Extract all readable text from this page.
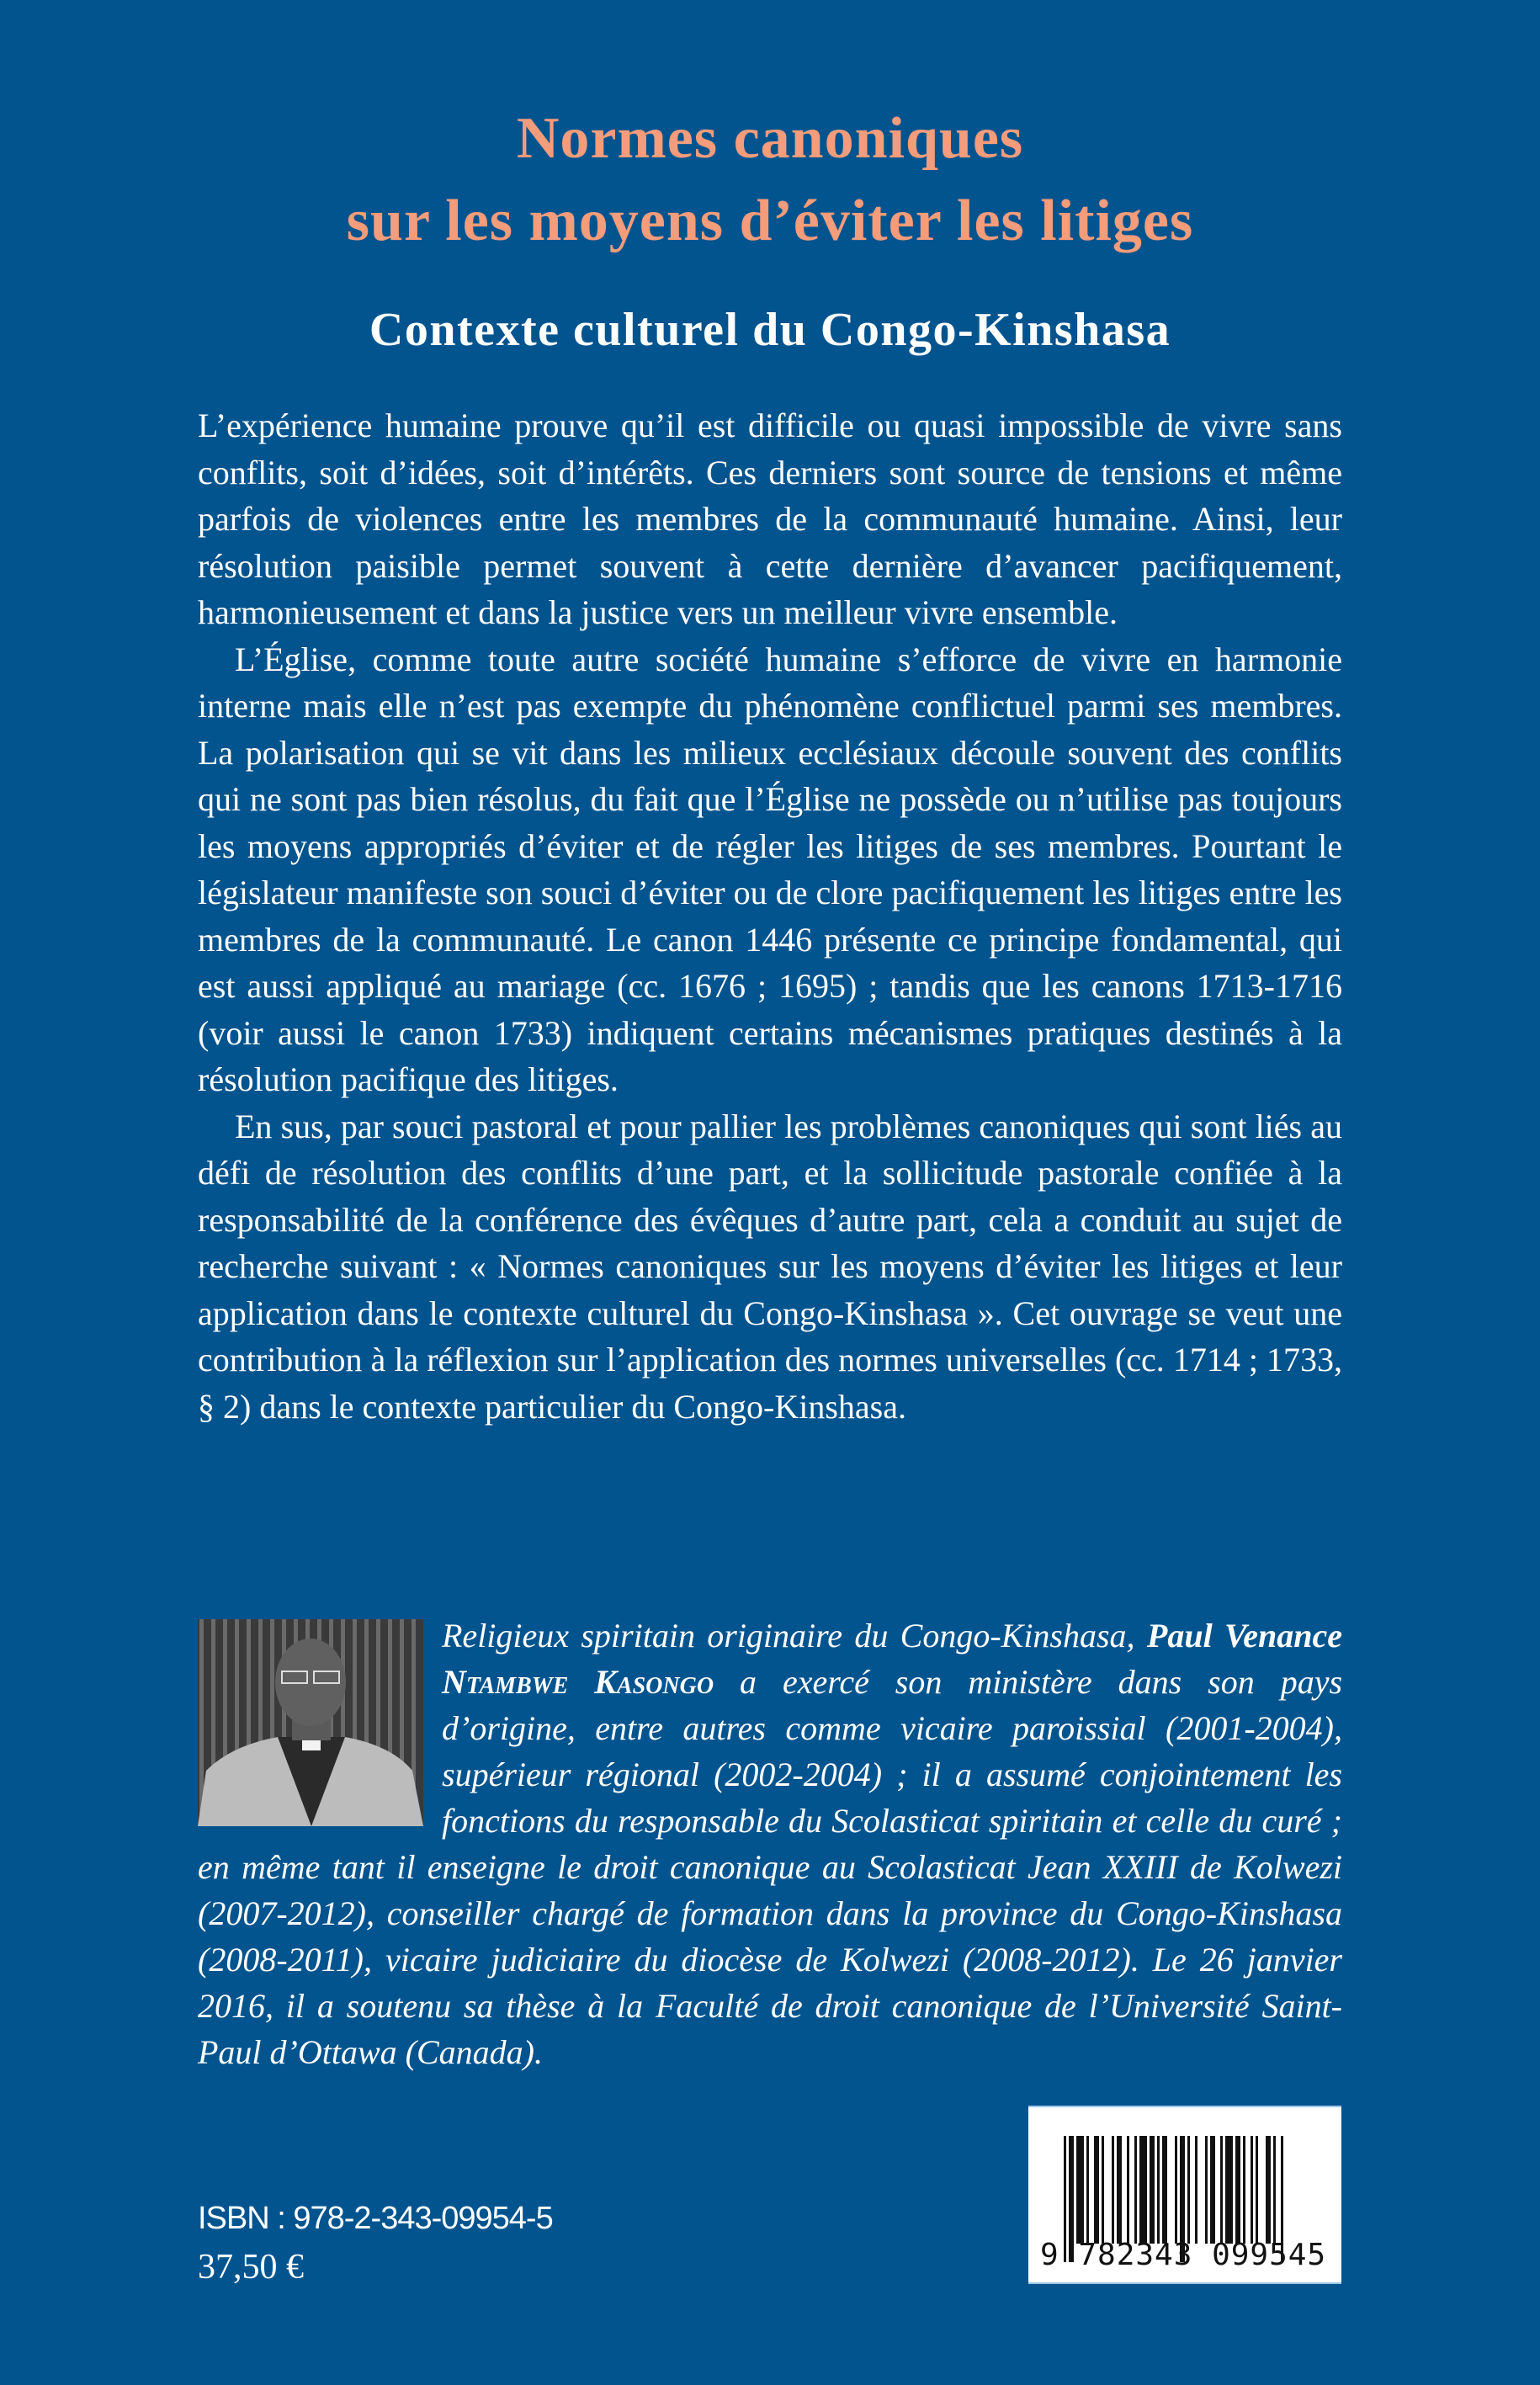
Normes canoniques
sur les moyens d’éviter les litiges
Contexte culturel du Congo-Kinshasa

L’expérience humaine prouve qu’il est difficile ou quasi impossible de vivre sans conflits, soit d’idées, soit d’intérêts. Ces derniers sont source de tensions et même parfois de violences entre les membres de la communauté humaine. Ainsi, leur résolution paisible permet souvent à cette dernière d’avancer pacifiquement, harmonieusement et dans la justice vers un meilleur vivre ensemble.

L’Église, comme toute autre société humaine s’efforce de vivre en harmonie interne mais elle n’est pas exempte du phénomène conflictuel parmi ses membres. La polarisation qui se vit dans les milieux ecclésiaux découle souvent des conflits qui ne sont pas bien résolus, du fait que l’Église ne possède ou n’utilise pas toujours les moyens appropriés d’éviter et de régler les litiges de ses membres. Pourtant le législateur manifeste son souci d’éviter ou de clore pacifiquement les litiges entre les membres de la communauté. Le canon 1446 présente ce principe fondamental, qui est aussi appliqué au mariage (cc. 1676 ; 1695) ; tandis que les canons 1713-1716 (voir aussi le canon 1733) indiquent certains mécanismes pratiques destinés à la résolution pacifique des litiges.

En sus, par souci pastoral et pour pallier les problèmes canoniques qui sont liés au défi de résolution des conflits d’une part, et la sollicitude pastorale confiée à la responsabilité de la conférence des évêques d’autre part, cela a conduit au sujet de recherche suivant : « Normes canoniques sur les moyens d’éviter les litiges et leur application dans le contexte culturel du Congo-Kinshasa ». Cet ouvrage se veut une contribution à la réflexion sur l’application des normes universelles (cc. 1714 ; 1733, § 2) dans le contexte particulier du Congo-Kinshasa.

Religieux spiritain originaire du Congo-Kinshasa, Paul Venance Ntambwe Kasongo a exercé son ministère dans son pays d’origine, entre autres comme vicaire paroissial (2001-2004), supérieur régional (2002-2004) ; il a assumé conjointement les fonctions du responsable du Scolasticat spiritain et celle du curé ; en même tant il enseigne le droit canonique au Scolasticat Jean XXIII de Kolwezi (2007-2012), conseiller chargé de formation dans la province du Congo-Kinshasa (2008-2011), vicaire judiciaire du diocèse de Kolwezi (2008-2012). Le 26 janvier 2016, il a soutenu sa thèse à la Faculté de droit canonique de l’Université Saint-Paul d’Ottawa (Canada).
ISBN : 978-2-343-09954-5
37,50 €	9 782343 099545
